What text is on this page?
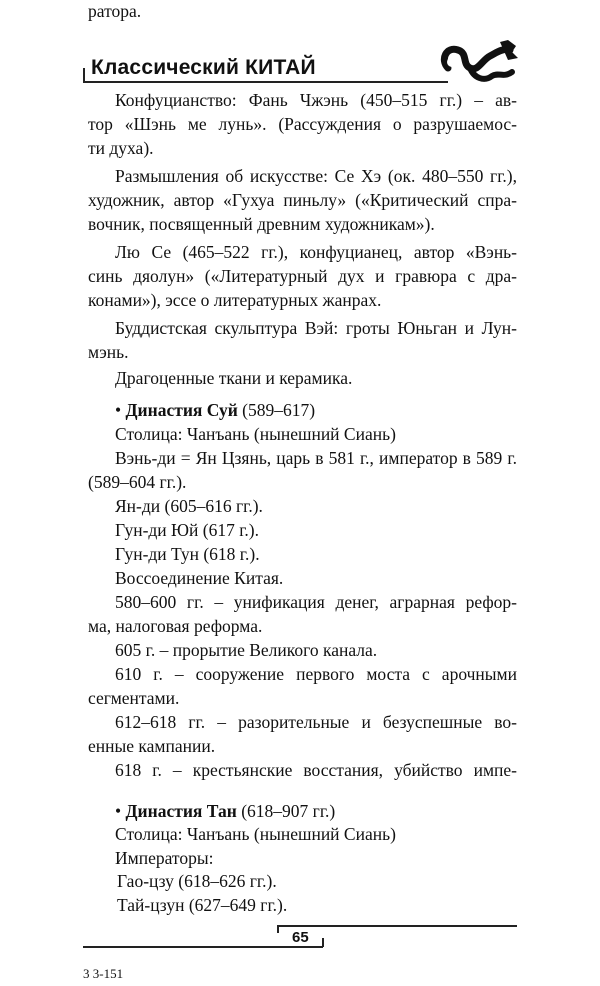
Классический КИТАЙ
Конфуцианство: Фань Чжэнь (450–515 гг.) – ав-
тор «Шэнь ме лунь». (Рассуждения о разрушаемос-
ти духа).
Размышления об искусстве: Се Хэ (ок. 480–550 гг.),
художник, автор «Гухуа пиньлу» («Критический спра-
вочник, посвященный древним художникам»).
Лю Се (465–522 гг.), конфуцианец, автор «Вэнь-
синь дяолун» («Литературный дух и гравюра с дра-
конами»), эссе о литературных жанрах.
Буддистская скульптура Вэй: гроты Юньган и Лун-
мэнь.
Драгоценные ткани и керамика.
• Династия Суй (589–617)
Столица: Чанъань (нынешний Сиань)
Вэнь-ди = Ян Цзянь, царь в 581 г., император в 589 г.
(589–604 гг.).
Ян-ди (605–616 гг.).
Гун-ди Юй (617 г.).
Гун-ди Тун (618 г.).
Воссоединение Китая.
580–600 гг. – унификация денег, аграрная рефор-
ма, налоговая реформа.
605 г. – прорытие Великого канала.
610 г. – сооружение первого моста с арочными
сегментами.
612–618 гг. – разорительные и безуспешные во-
енные кампании.
618 г. – крестьянские восстания, убийство импе-
ратора.
• Династия Тан (618–907 гг.)
Столица: Чанъань (нынешний Сиань)
Императоры:
Гао-цзу (618–626 гг.).
Тай-цзун (627–649 гг.).
65
3 3-151
